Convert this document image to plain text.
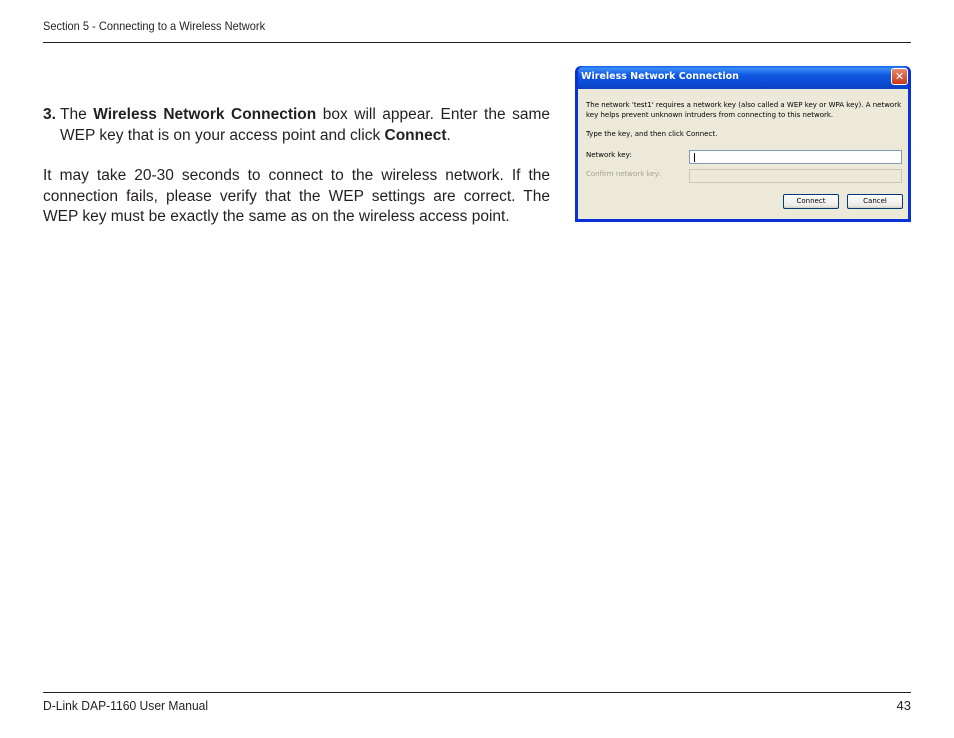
Section 5 - Connecting to a Wireless Network
3. The Wireless Network Connection box will appear. Enter the same WEP key that is on your access point and click Connect.
It may take 20-30 seconds to connect to the wireless network. If the connection fails, please verify that the WEP settings are correct. The WEP key must be exactly the same as on the wireless access point.
Wireless Network Connection	✕
The network 'test1' requires a network key (also called a WEP key or WPA key). A network key helps prevent unknown intruders from connecting to this network.
Type the key, and then click Connect.
Network key:
Confirm network key:
Connect	Cancel
D-Link DAP-1160 User Manual	43
